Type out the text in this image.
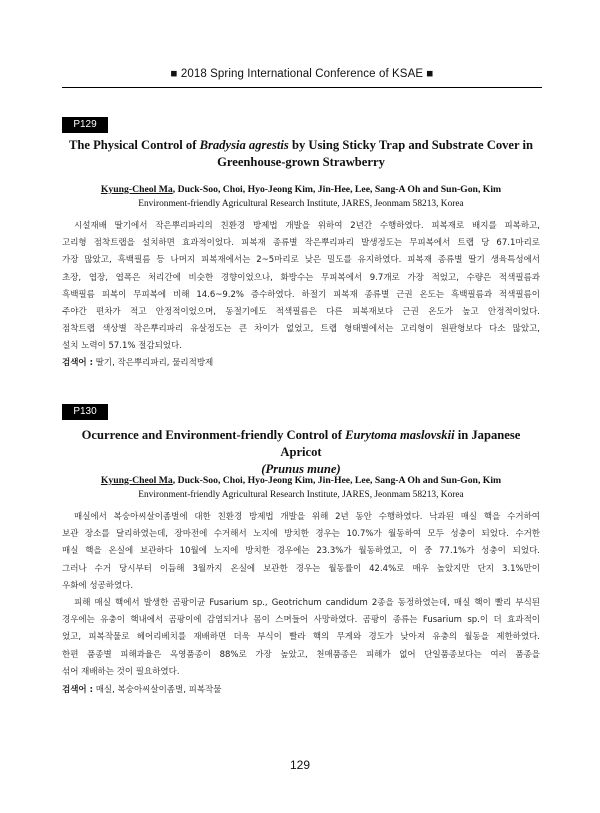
■ 2018 Spring International Conference of KSAE ■
P129
The Physical Control of Bradysia agrestis by Using Sticky Trap and Substrate Cover in
Greenhouse-grown Strawberry
Kyung-Cheol Ma, Duck-Soo, Choi, Hyo-Jeong Kim, Jin-Hee, Lee, Sang-A Oh and Sun-Gon, Kim
Environment-friendly Agricultural Research Institute, JARES, Jeonmam 58213, Korea
시설재배 딸기에서 작은뿌리파리의 친환경 방제법 개발을 위하여 2년간 수행하였다. 피복재로 배지를 피복하고,
고리형 점착트랩을 설치하면 효과적이었다. 피복재 종류별 작은뿌리파리 발생정도는 무피복에서 트랩 당 67.1마리로
가장 많았고, 흑백필름 등 나머지 피복재에서는 2~5마리로 낮은 밀도를 유지하였다. 피복재 종류별 딸기 생육특성에서
초장, 엽장, 엽폭은 처리간에 비슷한 경향이었으나, 화방수는 무피복에서 9.7개로 가장 적었고, 수량은 적색필름과
흑백필름 피복이 무피복에 비해 14.6~9.2% 증수하였다. 하절기 피복재 종류별 근권 온도는 흑백필름과 적색필름이
주야간 편차가 적고 안정적이었으며, 동절기에도 적색필름은 다른 피복재보다 근권 온도가 높고 안정적이었다.
점착트랩 색상별 작은뿌리파리 유살정도는 큰 차이가 없었고, 트랩 형태별에서는 고리형이 원판형보다 다소 많았고,
설치 노력이 57.1% 절감되었다.
검색어 : 딸기, 작은뿌리파리, 물리적방제
P130
Ocurrence and Environment-friendly Control of Eurytoma maslovskii in Japanese Apricot
(Prunus mune)
Kyung-Cheol Ma, Duck-Soo, Choi, Hyo-Jeong Kim, Jin-Hee, Lee, Sang-A Oh and Sun-Gon, Kim
Environment-friendly Agricultural Research Institute, JARES, Jeonmam 58213, Korea
매실에서 복숭아씨살이좀벌에 대한 친환경 방제법 개발을 위해 2년 동안 수행하였다. 낙과된 매실 핵을 수거하여
보관 장소를 달리하였는데, 장마전에 수거해서 노지에 방치한 경우는 10.7%가 월동하여 모두 성충이 되었다. 수거한
매실 핵을 온실에 보관하다 10월에 노지에 방치한 경우에는 23.3%가 월동하였고, 이 중 77.1%가 성충이 되었다.
그러나 수거 당시부터 이듬해 3월까지 온실에 보관한 경우는 월동률이 42.4%로 매우 높았지만 단지 3.1%만이
우화에 성공하였다.
피해 매실 핵에서 발생한 곰팡이균 Fusarium sp., Geotrichum candidum 2종을 동정하였는데, 매실 핵이 빨리 부식된
경우에는 유충이 핵내에서 곰팡이에 감염되거나 몸이 스며들어 사망하였다. 곰팡이 종류는 Fusarium sp.이 더 효과적이
었고, 피복작물로 헤어리베치를 재배하면 더욱 부식이 빨라 핵의 무게와 경도가 낮아져 유충의 월동을 제한하였다.
한편 품종별 피해과율은 옥영품종이 88%로 가장 높았고, 천매품종은 피해가 없어 단일품종보다는 여러 품종을
섞어 재배하는 것이 필요하였다.
검색어 : 매실, 복숭아씨살이좀벌, 피복작물
129
